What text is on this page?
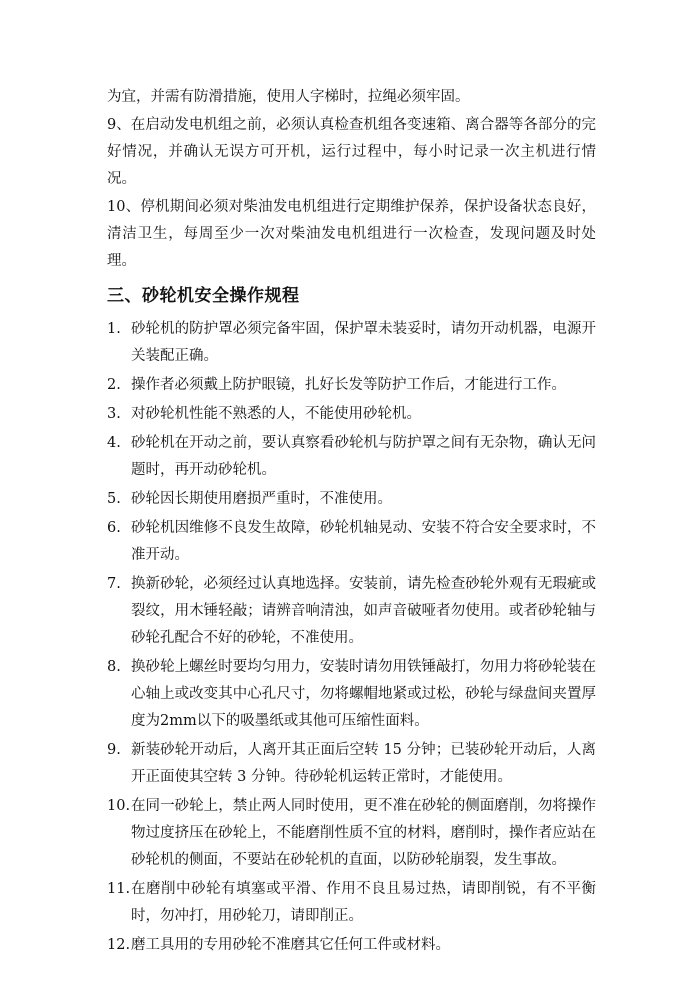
为宜，并需有防滑措施，使用人字梯时，拉绳必须牢固。

9、在启动发电机组之前，必须认真检查机组各变速箱、离合器等各部分的完好情况，并确认无误方可开机，运行过程中，每小时记录一次主机进行情况。

10、停机期间必须对柴油发电机组进行定期维护保养，保护设备状态良好，清洁卫生，每周至少一次对柴油发电机组进行一次检查，发现问题及时处理。

三、砂轮机安全操作规程
1. 砂轮机的防护罩必须完备牢固，保护罩未装妥时，请勿开动机器，电源开关装配正确。
2. 操作者必须戴上防护眼镜，扎好长发等防护工作后，才能进行工作。
3. 对砂轮机性能不熟悉的人，不能使用砂轮机。
4. 砂轮机在开动之前，要认真察看砂轮机与防护罩之间有无杂物，确认无问题时，再开动砂轮机。
5. 砂轮因长期使用磨损严重时，不准使用。
6. 砂轮机因维修不良发生故障，砂轮机轴晃动、安装不符合安全要求时，不准开动。
7. 换新砂轮，必须经过认真地选择。安装前，请先检查砂轮外观有无瑕疵或裂纹，用木锤轻敲；请辨音响清浊，如声音破哑者勿使用。或者砂轮轴与砂轮孔配合不好的砂轮，不准使用。
8. 换砂轮上螺丝时要均匀用力，安装时请勿用铁锤敲打，勿用力将砂轮装在心轴上或改变其中心孔尺寸，勿将螺帽地紧或过松，砂轮与绿盘间夹置厚度为2mm以下的吸墨纸或其他可压缩性面料。
9. 新装砂轮开动后，人离开其正面后空转 15 分钟；已装砂轮开动后，人离开正面使其空转 3 分钟。待砂轮机运转正常时，才能使用。
10. 在同一砂轮上，禁止两人同时使用，更不准在砂轮的侧面磨削，勿将操作物过度挤压在砂轮上，不能磨削性质不宜的材料，磨削时，操作者应站在砂轮机的侧面，不要站在砂轮机的直面，以防砂轮崩裂，发生事故。
11. 在磨削中砂轮有填塞或平滑、作用不良且易过热，请即削锐，有不平衡时，勿冲打，用砂轮刀，请即削正。
12. 磨工具用的专用砂轮不准磨其它任何工件或材料。
